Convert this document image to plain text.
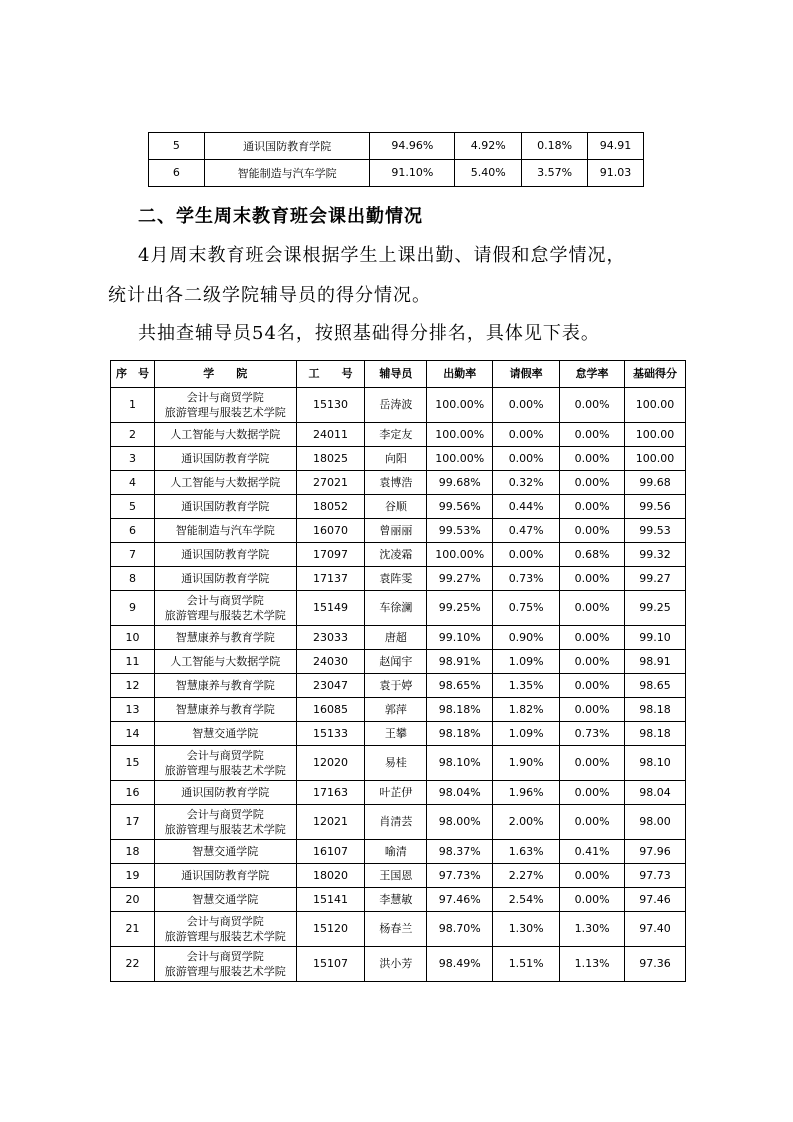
5	通识国防教育学院	94.96%	4.92%	0.18%	94.91
6	智能制造与汽车学院	91.10%	5.40%	3.57%	91.03
二、学生周末教育班会课出勤情况

4月周末教育班会课根据学生上课出勤、请假和怠学情况，

统计出各二级学院辅导员的得分情况。

共抽查辅导员54名，按照基础得分排名，具体见下表。

序　号	学　　院	工　　号	辅导员	出勤率	请假率	怠学率	基础得分
1	会计与商贸学院
旅游管理与服装艺术学院	15130	岳涛波	100.00%	0.00%	0.00%	100.00
2	人工智能与大数据学院	24011	李定友	100.00%	0.00%	0.00%	100.00
3	通识国防教育学院	18025	向阳	100.00%	0.00%	0.00%	100.00
4	人工智能与大数据学院	27021	袁博浩	99.68%	0.32%	0.00%	99.68
5	通识国防教育学院	18052	谷顺	99.56%	0.44%	0.00%	99.56
6	智能制造与汽车学院	16070	曾丽丽	99.53%	0.47%	0.00%	99.53
7	通识国防教育学院	17097	沈凌霜	100.00%	0.00%	0.68%	99.32
8	通识国防教育学院	17137	袁阵雯	99.27%	0.73%	0.00%	99.27
9	会计与商贸学院
旅游管理与服装艺术学院	15149	车徐澜	99.25%	0.75%	0.00%	99.25
10	智慧康养与教育学院	23033	唐超	99.10%	0.90%	0.00%	99.10
11	人工智能与大数据学院	24030	赵闻宇	98.91%	1.09%	0.00%	98.91
12	智慧康养与教育学院	23047	袁于婷	98.65%	1.35%	0.00%	98.65
13	智慧康养与教育学院	16085	郭萍	98.18%	1.82%	0.00%	98.18
14	智慧交通学院	15133	王攀	98.18%	1.09%	0.73%	98.18
15	会计与商贸学院
旅游管理与服装艺术学院	12020	易桂	98.10%	1.90%	0.00%	98.10
16	通识国防教育学院	17163	叶芷伊	98.04%	1.96%	0.00%	98.04
17	会计与商贸学院
旅游管理与服装艺术学院	12021	肖清芸	98.00%	2.00%	0.00%	98.00
18	智慧交通学院	16107	喻清	98.37%	1.63%	0.41%	97.96
19	通识国防教育学院	18020	王国恩	97.73%	2.27%	0.00%	97.73
20	智慧交通学院	15141	李慧敏	97.46%	2.54%	0.00%	97.46
21	会计与商贸学院
旅游管理与服装艺术学院	15120	杨春兰	98.70%	1.30%	1.30%	97.40
22	会计与商贸学院
旅游管理与服装艺术学院	15107	洪小芳	98.49%	1.51%	1.13%	97.36
